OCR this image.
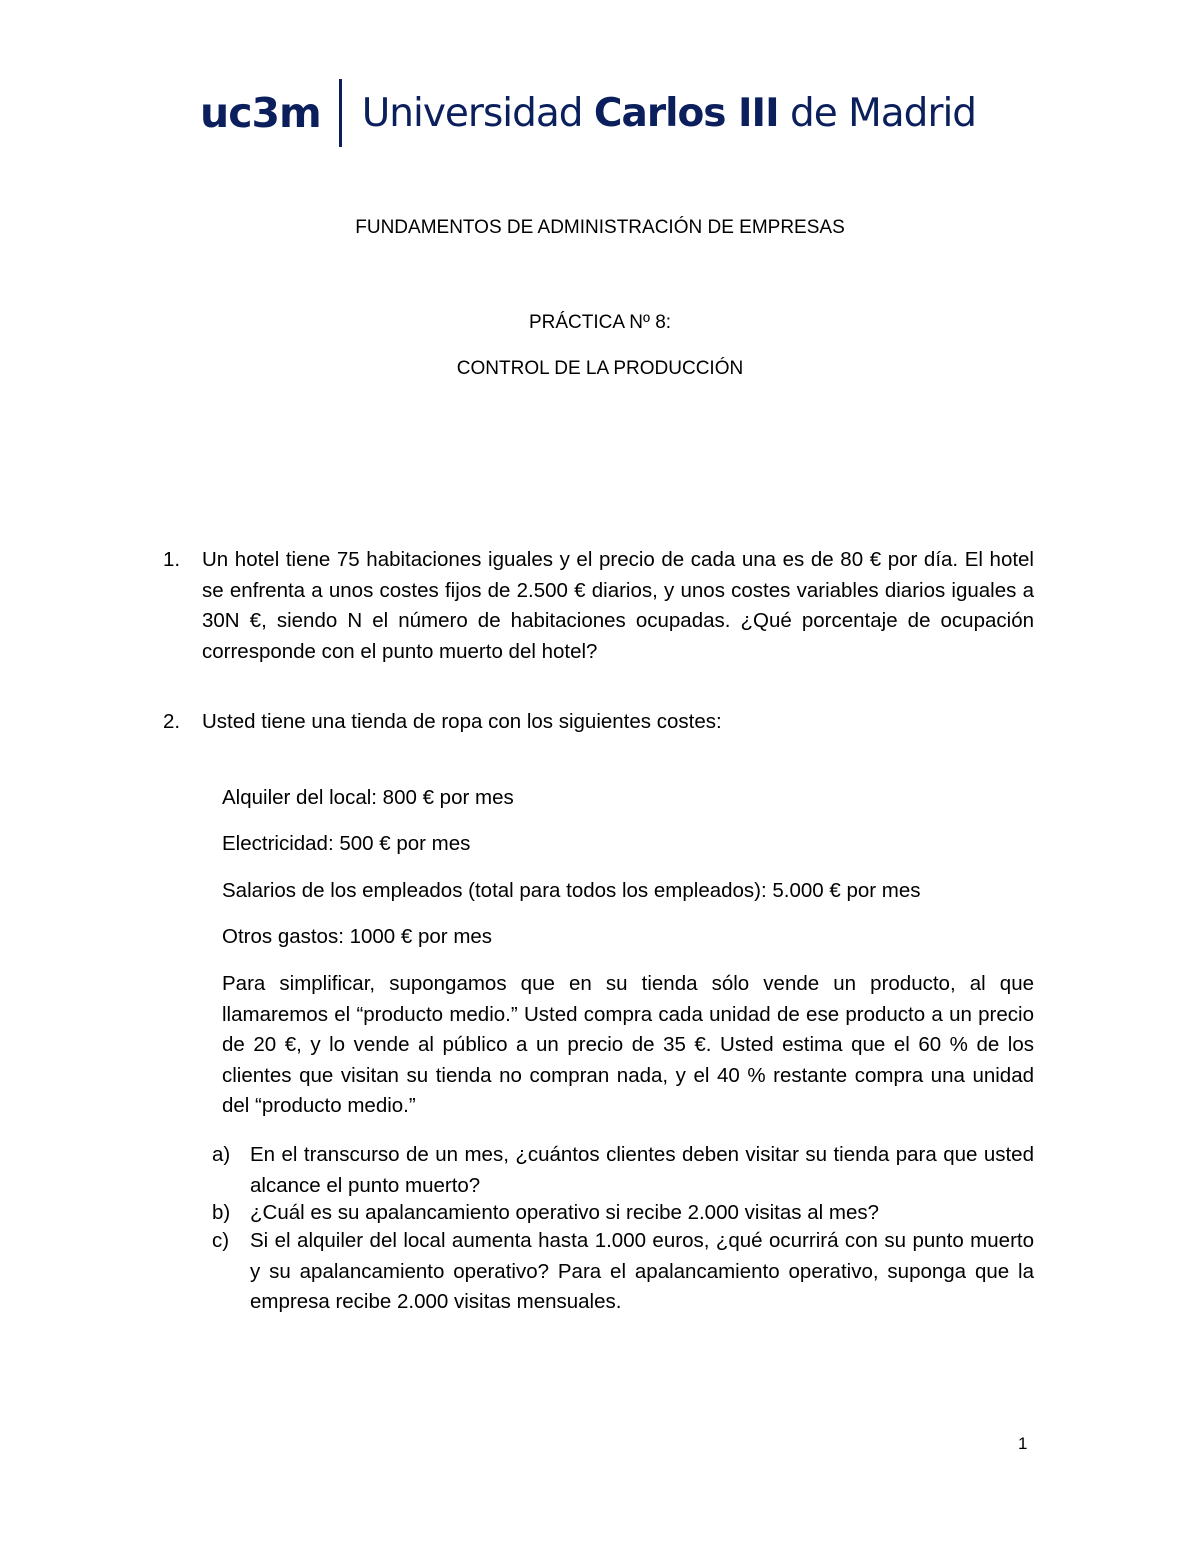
uc3m Universidad Carlos III de Madrid
FUNDAMENTOS DE ADMINISTRACIÓN DE EMPRESAS
PRÁCTICA Nº 8:
CONTROL DE LA PRODUCCIÓN
1. Un hotel tiene 75 habitaciones iguales y el precio de cada una es de 80 € por día. El hotel se enfrenta a unos costes fijos de 2.500 € diarios, y unos costes variables diarios iguales a 30N €, siendo N el número de habitaciones ocupadas. ¿Qué porcentaje de ocupación corresponde con el punto muerto del hotel?
2. Usted tiene una tienda de ropa con los siguientes costes:
Alquiler del local: 800 € por mes
Electricidad: 500 € por mes
Salarios de los empleados (total para todos los empleados): 5.000 € por mes
Otros gastos: 1000 € por mes
Para simplificar, supongamos que en su tienda sólo vende un producto, al que llamaremos el “producto medio.” Usted compra cada unidad de ese producto a un precio de 20 €, y lo vende al público a un precio de 35 €. Usted estima que el 60 % de los clientes que visitan su tienda no compran nada, y el 40 % restante compra una unidad del “producto medio.”
a) En el transcurso de un mes, ¿cuántos clientes deben visitar su tienda para que usted alcance el punto muerto?
b) ¿Cuál es su apalancamiento operativo si recibe 2.000 visitas al mes?
c) Si el alquiler del local aumenta hasta 1.000 euros, ¿qué ocurrirá con su punto muerto y su apalancamiento operativo? Para el apalancamiento operativo, suponga que la empresa recibe 2.000 visitas mensuales.
1
